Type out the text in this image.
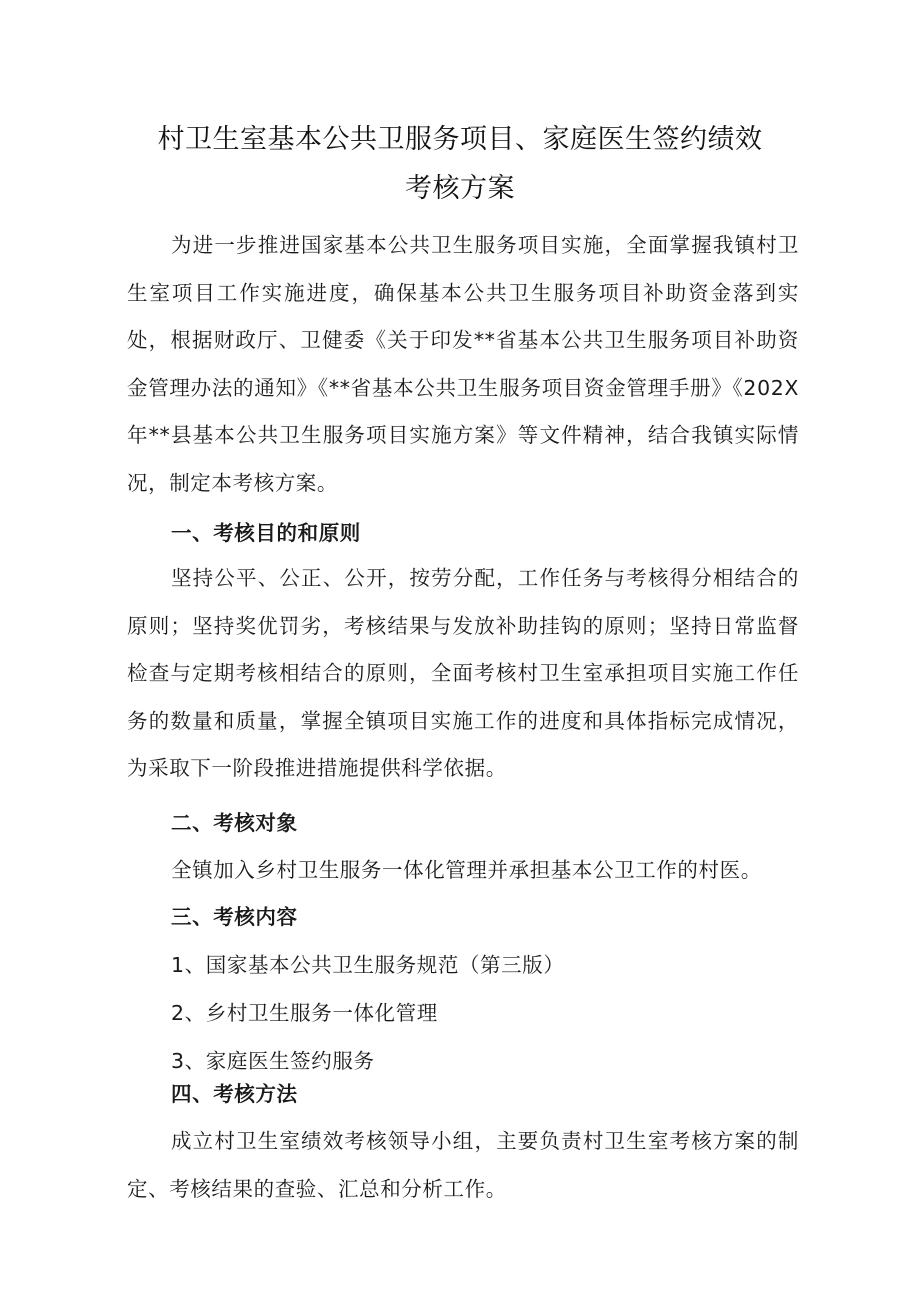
村卫生室基本公共卫服务项目、家庭医生签约绩效
考核方案

为进一步推进国家基本公共卫生服务项目实施，全面掌握我镇村卫生室项目工作实施进度，确保基本公共卫生服务项目补助资金落到实处，根据财政厅、卫健委《关于印发**省基本公共卫生服务项目补助资金管理办法的通知》《**省基本公共卫生服务项目资金管理手册》《202X年**县基本公共卫生服务项目实施方案》等文件精神，结合我镇实际情况，制定本考核方案。

一、考核目的和原则

坚持公平、公正、公开，按劳分配，工作任务与考核得分相结合的原则；坚持奖优罚劣，考核结果与发放补助挂钩的原则；坚持日常监督检查与定期考核相结合的原则，全面考核村卫生室承担项目实施工作任务的数量和质量，掌握全镇项目实施工作的进度和具体指标完成情况，为采取下一阶段推进措施提供科学依据。

二、考核对象

全镇加入乡村卫生服务一体化管理并承担基本公卫工作的村医。

三、考核内容

1、国家基本公共卫生服务规范（第三版）

2、乡村卫生服务一体化管理

3、家庭医生签约服务

四、考核方法

成立村卫生室绩效考核领导小组，主要负责村卫生室考核方案的制定、考核结果的查验、汇总和分析工作。
